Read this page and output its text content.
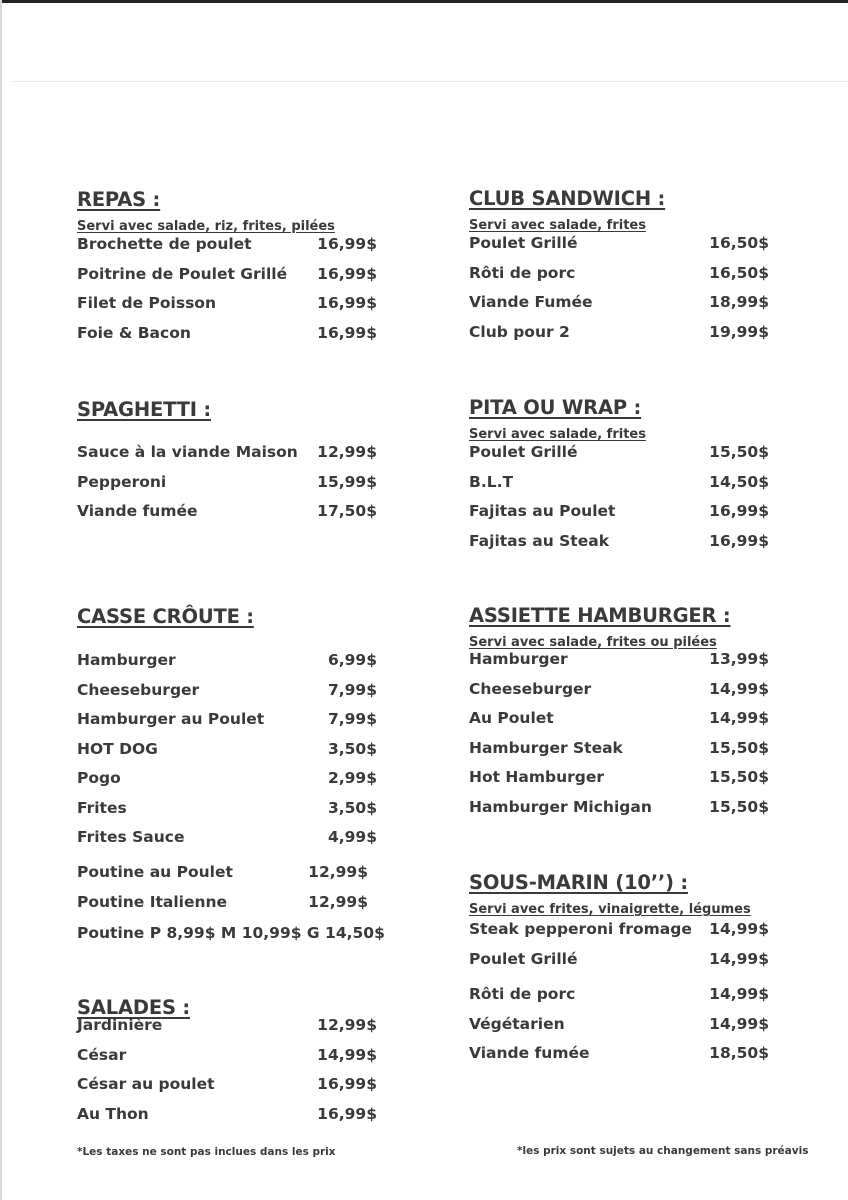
REPAS :
Servi avec salade, riz, frites, pilées
Brochette de poulet	16,99$
Poitrine de Poulet Grillé 16,99$
Filet de Poisson	16,99$
Foie & Bacon	16,99$
SPAGHETTI :
Sauce à la viande Maison 12,99$
Pepperoni	15,99$
Viande fumée	17,50$
CASSE CRÔUTE :
Hamburger	6,99$
Cheeseburger	7,99$
Hamburger au Poulet	7,99$
HOT DOG	3,50$
Pogo	2,99$
Frites	3,50$
Frites Sauce	4,99$
Poutine au Poulet	12,99$
Poutine Italienne	12,99$
Poutine P 8,99$ M 10,99$ G 14,50$
SALADES :
Jardinière	12,99$
César	14,99$
César au poulet	16,99$
Au Thon	16,99$
CLUB SANDWICH :
Servi avec salade, frites
Poulet Grillé	16,50$
Rôti de porc	16,50$
Viande Fumée	18,99$
Club pour 2	19,99$
PITA OU WRAP :
Servi avec salade, frites
Poulet Grillé	15,50$
B.L.T	14,50$
Fajitas au Poulet	16,99$
Fajitas au Steak	16,99$
ASSIETTE HAMBURGER :
Servi avec salade, frites ou pilées
Hamburger	13,99$
Cheeseburger	14,99$
Au Poulet	14,99$
Hamburger Steak	15,50$
Hot Hamburger	15,50$
Hamburger Michigan	15,50$
SOUS-MARIN (10’’) :
Servi avec frites, vinaigrette, légumes
Steak pepperoni fromage 14,99$
Poulet Grillé	14,99$
Rôti de porc	14,99$
Végétarien	14,99$
Viande fumée	18,50$
*Les taxes ne sont pas inclues dans les prix	*les prix sont sujets au changement sans préavis
